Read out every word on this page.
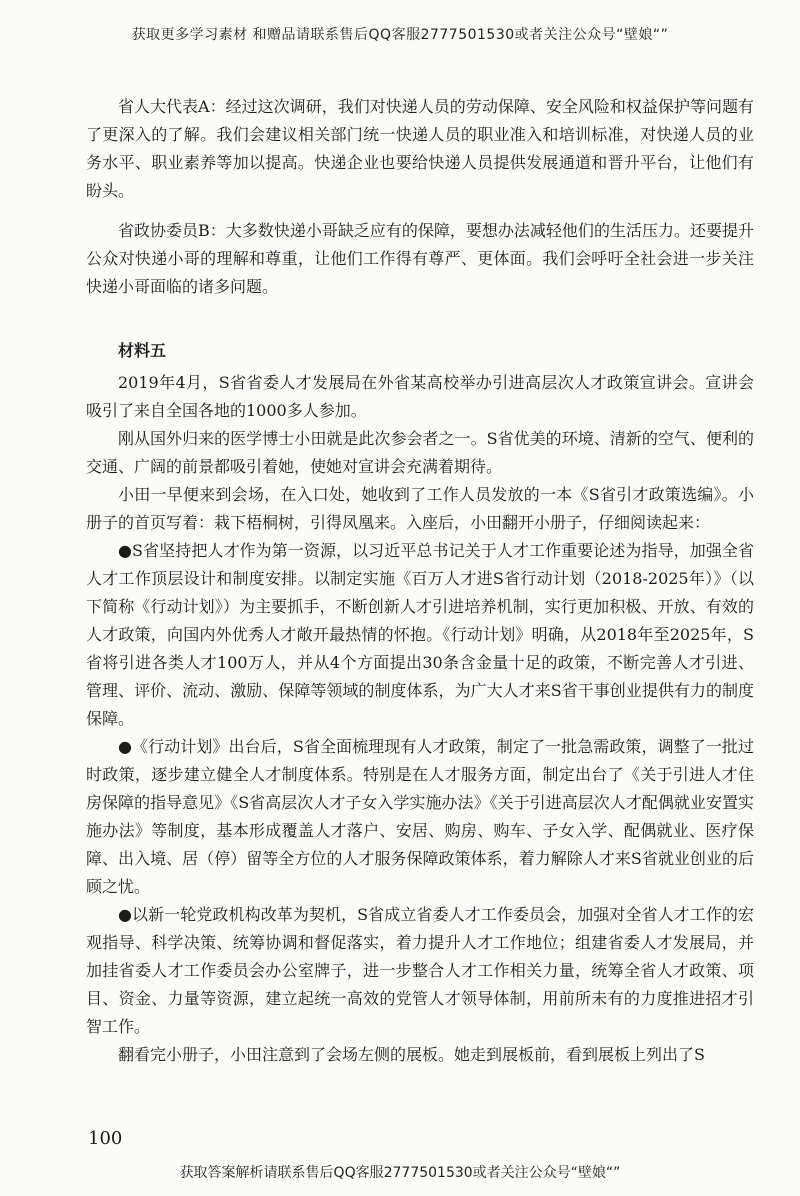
获取更多学习素材 和赠品请联系售后QQ客服2777501530或者关注公众号“壁娘“”

省人大代表A：经过这次调研，我们对快递人员的劳动保障、安全风险和权益保护等问题有了更深入的了解。我们会建议相关部门统一快递人员的职业准入和培训标准，对快递人员的业务水平、职业素养等加以提高。快递企业也要给快递人员提供发展通道和晋升平台，让他们有盼头。

省政协委员B：大多数快递小哥缺乏应有的保障，要想办法减轻他们的生活压力。还要提升公众对快递小哥的理解和尊重，让他们工作得有尊严、更体面。我们会呼吁全社会进一步关注快递小哥面临的诸多问题。

材料五

2019年4月，S省省委人才发展局在外省某高校举办引进高层次人才政策宣讲会。宣讲会吸引了来自全国各地的1000多人参加。

刚从国外归来的医学博士小田就是此次参会者之一。S省优美的环境、清新的空气、便利的交通、广阔的前景都吸引着她，使她对宣讲会充满着期待。

小田一早便来到会场，在入口处，她收到了工作人员发放的一本《S省引才政策选编》。小册子的首页写着：栽下梧桐树，引得凤凰来。入座后，小田翻开小册子，仔细阅读起来：

●S省坚持把人才作为第一资源，以习近平总书记关于人才工作重要论述为指导，加强全省人才工作顶层设计和制度安排。以制定实施《百万人才进S省行动计划（2018-2025年）》（以下简称《行动计划》）为主要抓手，不断创新人才引进培养机制，实行更加积极、开放、有效的人才政策，向国内外优秀人才敞开最热情的怀抱。《行动计划》明确，从2018年至2025年，S省将引进各类人才100万人，并从4个方面提出30条含金量十足的政策，不断完善人才引进、管理、评价、流动、激励、保障等领域的制度体系，为广大人才来S省干事创业提供有力的制度保障。

●《行动计划》出台后，S省全面梳理现有人才政策，制定了一批急需政策，调整了一批过时政策，逐步建立健全人才制度体系。特别是在人才服务方面，制定出台了《关于引进人才住房保障的指导意见》《S省高层次人才子女入学实施办法》《关于引进高层次人才配偶就业安置实施办法》等制度，基本形成覆盖人才落户、安居、购房、购车、子女入学、配偶就业、医疗保障、出入境、居（停）留等全方位的人才服务保障政策体系，着力解除人才来S省就业创业的后顾之忧。

●以新一轮党政机构改革为契机，S省成立省委人才工作委员会，加强对全省人才工作的宏观指导、科学决策、统筹协调和督促落实，着力提升人才工作地位；组建省委人才发展局，并加挂省委人才工作委员会办公室牌子，进一步整合人才工作相关力量，统筹全省人才政策、项目、资金、力量等资源，建立起统一高效的党管人才领导体制，用前所未有的力度推进招才引智工作。

翻看完小册子，小田注意到了会场左侧的展板。她走到展板前，看到展板上列出了S

100
获取答案解析请联系售后QQ客服2777501530或者关注公众号“壁娘“”
